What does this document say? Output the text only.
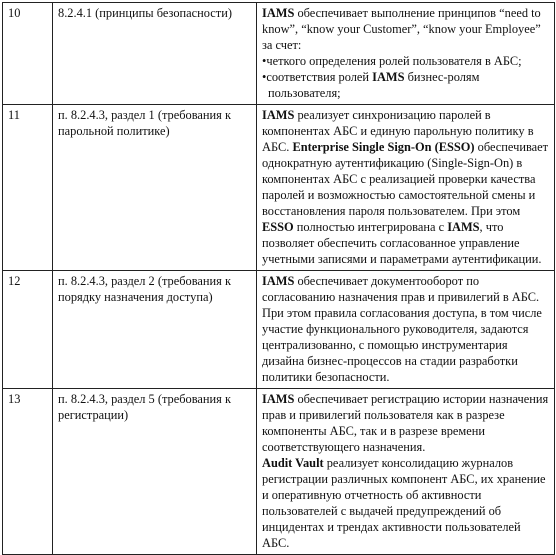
10	8.2.4.1 (принципы безопасности)	IAMS обеспечивает выполнение принципов “need to know”, “know your Customer”, “know your Employee” за счет:
•четкого определения ролей пользователя в АБС;
•соответствия ролей IAMS бизнес-ролям пользователя;

11	п. 8.2.4.3, раздел 1 (требования к парольной политике)	IAMS реализует синхронизацию паролей в компонентах АБС и единую парольную политику в АБС. Enterprise Single Sign-On (ESSO) обеспечивает однократную аутентификацию (Single-Sign-On) в компонентах АБС с реализацией проверки качества паролей и возможностью самостоятельной смены и восстановления пароля пользователем. При этом ESSO полностью интегрирована с IAMS, что позволяет обеспечить согласованное управление учетными записями и параметрами аутентификации.
12	п. 8.2.4.3, раздел 2 (требования к порядку назначения доступа)	IAMS обеспечивает документооборот по согласованию назначения прав и привилегий в АБС. При этом правила согласования доступа, в том числе участие функционального руководителя, задаются централизованно, с помощью инструментария дизайна бизнес-процессов на стадии разработки политики безопасности.
13	п. 8.2.4.3, раздел 5 (требования к регистрации)	IAMS обеспечивает регистрацию истории назначения прав и привилегий пользователя как в разрезе компоненты АБС, так и в разрезе времени соответствующего назначения.
Audit Vault реализует консолидацию журналов регистрации различных компонент АБС, их хранение и оперативную отчетность об активности пользователей с выдачей предупреждений об инцидентах и трендах активности пользователей АБС.
